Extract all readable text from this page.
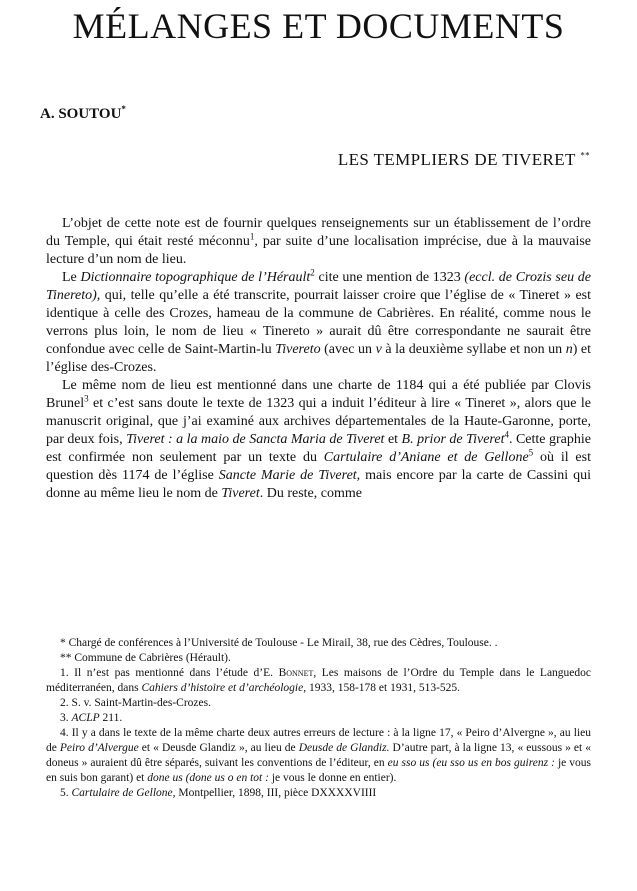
MÉLANGES ET DOCUMENTS
A. SOUTOU*
LES TEMPLIERS DE TIVERET **

L’objet de cette note est de fournir quelques renseignements sur un établissement de l’ordre du Temple, qui était resté méconnu$^1$, par suite d’une localisation imprécise, due à la mauvaise lecture d’un nom de lieu.

Le Dictionnaire topographique de l’Hérault$^2$ cite une mention de 1323 (eccl. de Crozis seu de Tinereto), qui, telle qu’elle a été transcrite, pourrait laisser croire que l’église de « Tineret » est identique à celle des Crozes, hameau de la commune de Cabrières. En réalité, comme nous le verrons plus loin, le nom de lieu « Tinereto » aurait dû être correspondante ne saurait être confondue avec celle de Saint-Martin-lu Tivereto (avec un v à la deuxième syllabe et non un n) et l’église des-Crozes.

Le même nom de lieu est mentionné dans une charte de 1184 qui a été publiée par Clovis Brunel$^3$ et c’est sans doute le texte de 1323 qui a induit l’éditeur à lire « Tineret », alors que le manuscrit original, que j’ai examiné aux archives départementales de la Haute-Garonne, porte, par deux fois, Tiveret : a la maio de Sancta Maria de Tiveret et B. prior de Tiveret$^4$. Cette graphie est confirmée non seulement par un texte du Cartulaire d’Aniane et de Gellone$^5$ où il est question dès 1174 de l’église Sancte Marie de Tiveret, mais encore par la carte de Cassini qui donne au même lieu le nom de Tiveret. Du reste, comme

* Chargé de conférences à l’Université de Toulouse - Le Mirail, 38, rue des Cèdres, Toulouse. .

** Commune de Cabrières (Hérault).

1. Il n’est pas mentionné dans l’étude d’E. Bonnet, Les maisons de l’Ordre du Temple dans le Languedoc méditerranéen, dans Cahiers d’histoire et d’archéologie, 1933, 158-178 et 1931, 513-525.

2. S. v. Saint-Martin-des-Crozes.

3. ACLP 211.

4. Il y a dans le texte de la même charte deux autres erreurs de lecture : à la ligne 17, « Peiro d’Alvergne », au lieu de Peiro d’Alvergue et « Deusde Glandiz », au lieu de Deusde de Glandiz. D’autre part, à la ligne 13, « eussous » et « doneus » auraient dû être séparés, suivant les conventions de l’éditeur, en eu sso us (eu sso us en bos guirenz : je vous en suis bon garant) et done us (done us o en tot : je vous le donne en entier).

5. Cartulaire de Gellone, Montpellier, 1898, III, pièce DXXXXVIIII
